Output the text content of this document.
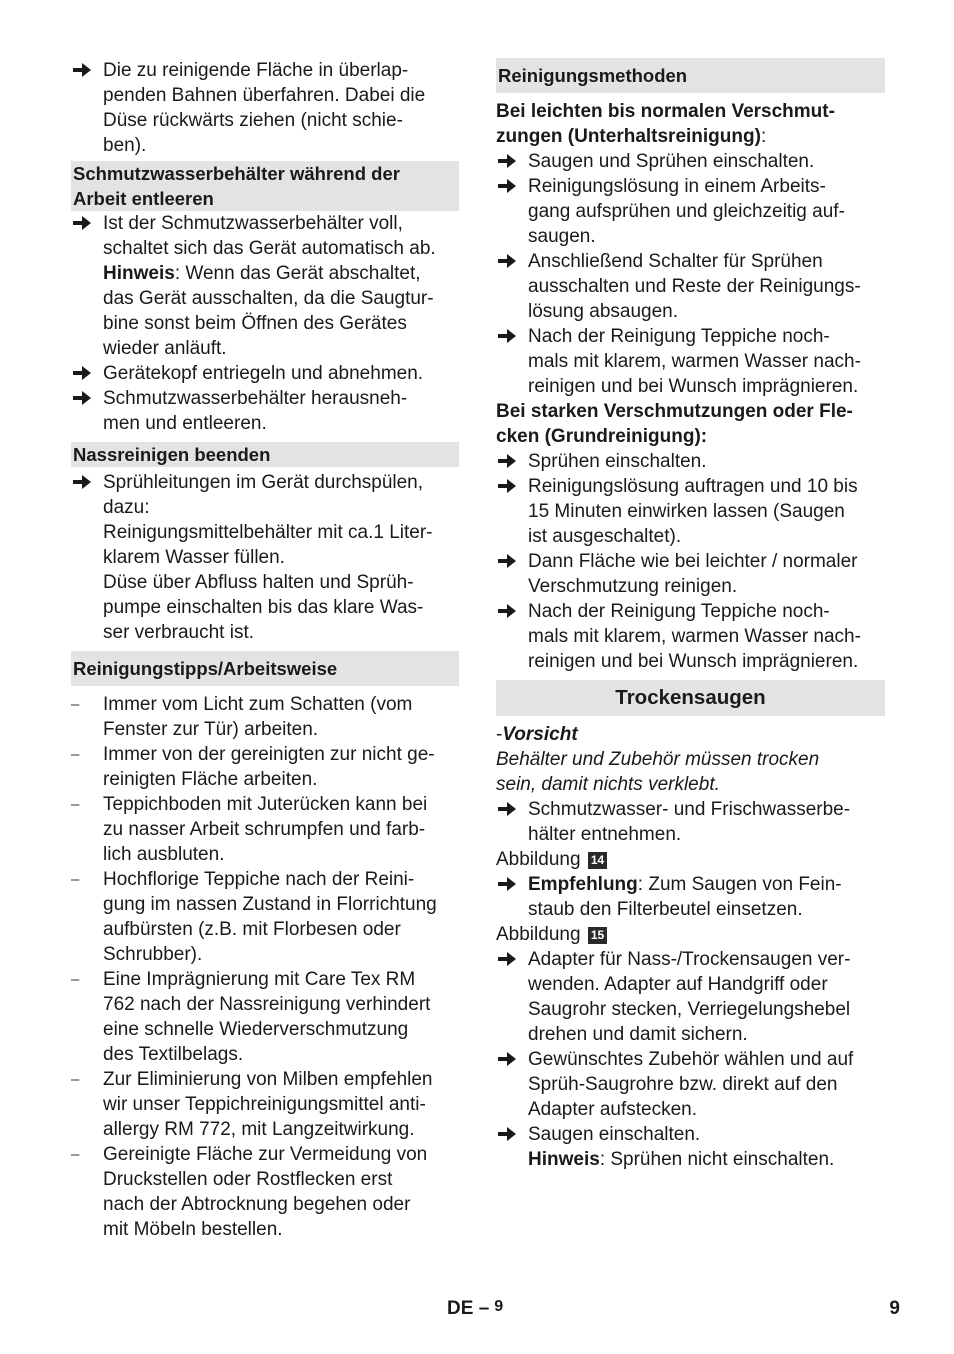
Die zu reinigende Fläche in überlap-
penden Bahnen überfahren. Dabei die
Düse rückwärts ziehen (nicht schie-
ben).
Schmutzwasserbehälter während der
Arbeit entleeren
Ist der Schmutzwasserbehälter voll,
schaltet sich das Gerät automatisch ab.
Hinweis: Wenn das Gerät abschaltet,
das Gerät ausschalten, da die Saugtur-
bine sonst beim Öffnen des Gerätes
wieder anläuft.
Gerätekopf entriegeln und abnehmen.
Schmutzwasserbehälter herausneh-
men und entleeren.
Nassreinigen beenden
Sprühleitungen im Gerät durchspülen,
dazu:
Reinigungsmittelbehälter mit ca.1 Liter-
klarem Wasser füllen.
Düse über Abfluss halten und Sprüh-
pumpe einschalten bis das klare Was-
ser verbraucht ist.
Reinigungstipps/Arbeitsweise
–	Immer vom Licht zum Schatten (vom
Fenster zur Tür) arbeiten.
–	Immer von der gereinigten zur nicht ge-
reinigten Fläche arbeiten.
–	Teppichboden mit Juterücken kann bei
zu nasser Arbeit schrumpfen und farb-
lich ausbluten.
–	Hochflorige Teppiche nach der Reini-
gung im nassen Zustand in Florrichtung
aufbürsten (z.B. mit Florbesen oder
Schrubber).
–	Eine Imprägnierung mit Care Tex RM
762 nach der Nassreinigung verhindert
eine schnelle Wiederverschmutzung
des Textilbelags.
–	Zur Eliminierung von Milben empfehlen
wir unser Teppichreinigungsmittel anti-
allergy RM 772, mit Langzeitwirkung.
–	Gereinigte Fläche zur Vermeidung von
Druckstellen oder Rostflecken erst
nach der Abtrocknung begehen oder
mit Möbeln bestellen.
Reinigungsmethoden
Bei leichten bis normalen Verschmut-
zungen (Unterhaltsreinigung):
Saugen und Sprühen einschalten.
Reinigungslösung in einem Arbeits-
gang aufsprühen und gleichzeitig auf-
saugen.
Anschließend Schalter für Sprühen
ausschalten und Reste der Reinigungs-
lösung absaugen.
Nach der Reinigung Teppiche noch-
mals mit klarem, warmen Wasser nach-
reinigen und bei Wunsch imprägnieren.
Bei starken Verschmutzungen oder Fle-
cken (Grundreinigung):
Sprühen einschalten.
Reinigungslösung auftragen und 10 bis
15 Minuten einwirken lassen (Saugen
ist ausgeschaltet).
Dann Fläche wie bei leichter / normaler
Verschmutzung reinigen.
Nach der Reinigung Teppiche noch-
mals mit klarem, warmen Wasser nach-
reinigen und bei Wunsch imprägnieren.
Trockensaugen
-Vorsicht
Behälter und Zubehör müssen trocken
sein, damit nichts verklebt.
Schmutzwasser- und Frischwasserbe-
hälter entnehmen.
Abbildung 14
Empfehlung: Zum Saugen von Fein-
staub den Filterbeutel einsetzen.
Abbildung 15
Adapter für Nass-/Trockensaugen ver-
wenden. Adapter auf Handgriff oder
Saugrohr stecken, Verriegelungshebel
drehen und damit sichern.
Gewünschtes Zubehör wählen und auf
Sprüh-Saugrohre bzw. direkt auf den
Adapter aufstecken.
Saugen einschalten.
Hinweis: Sprühen nicht einschalten.
DE – 9	9
